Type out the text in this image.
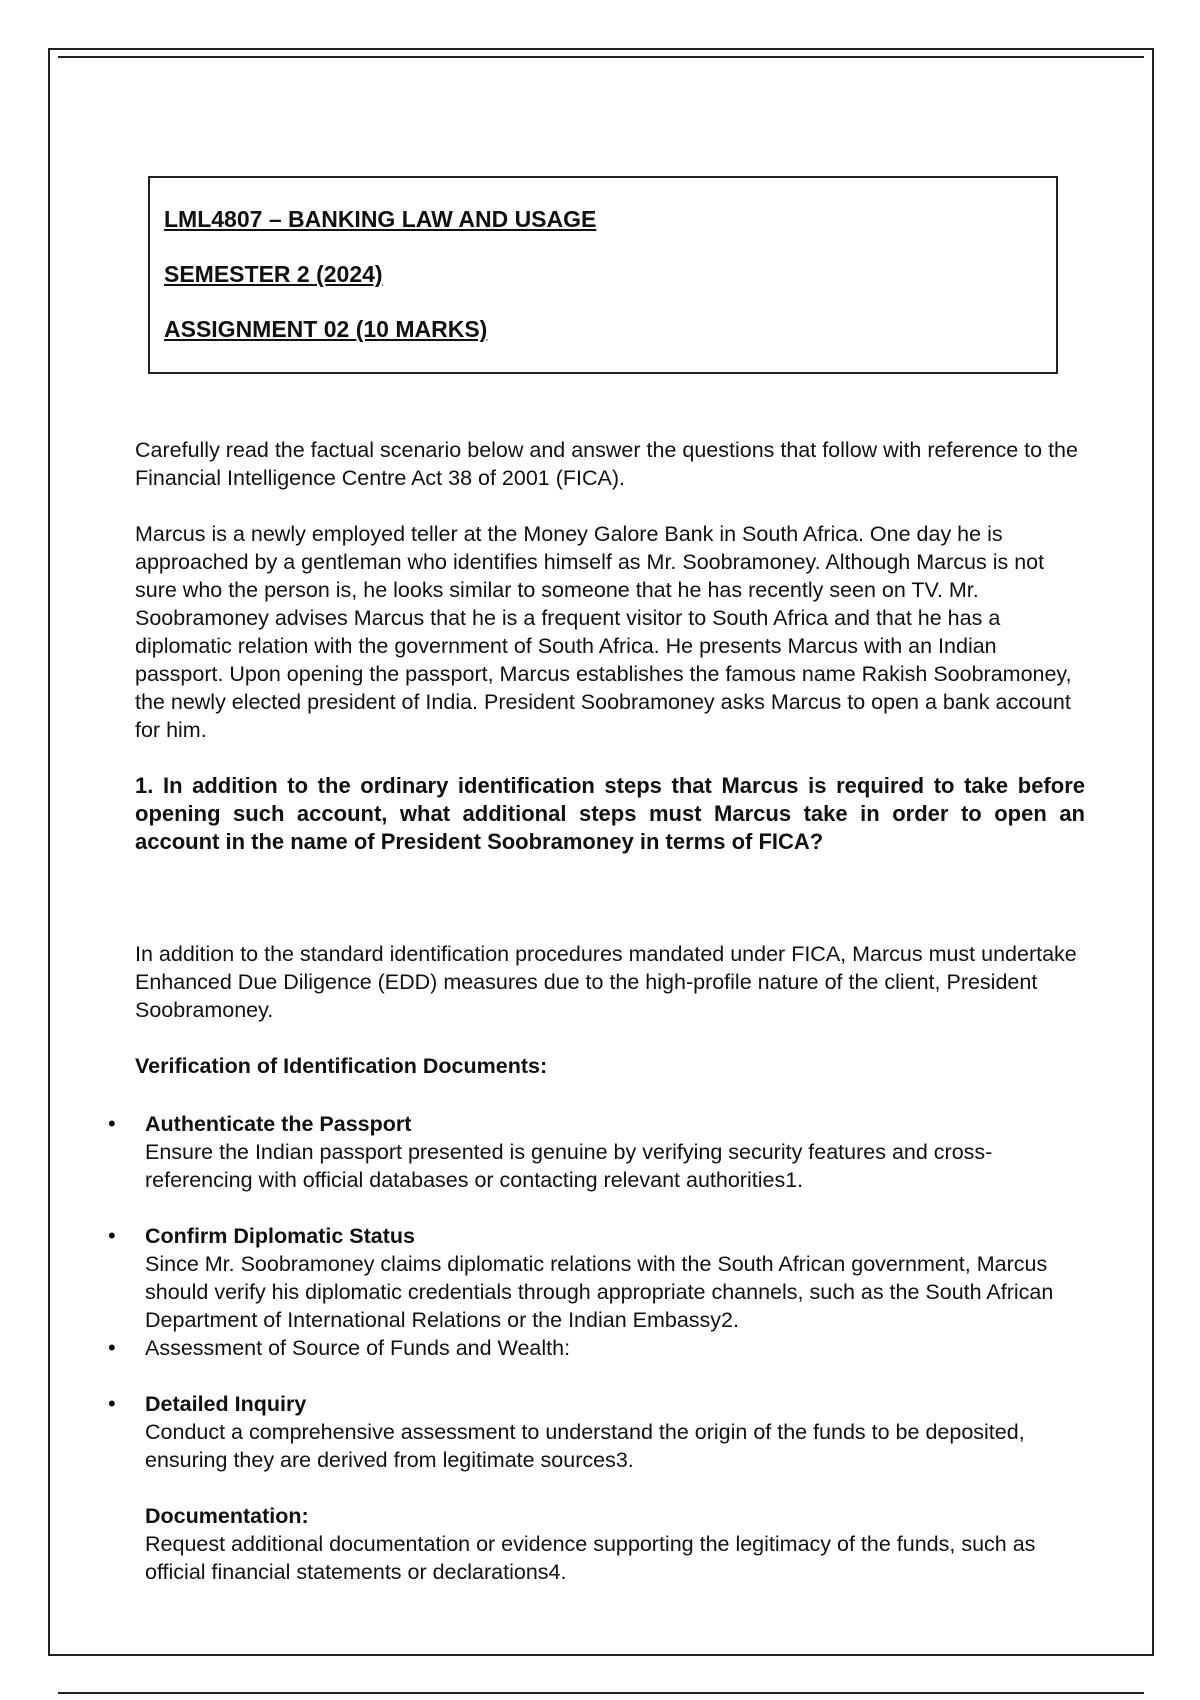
LML4807 – BANKING LAW AND USAGE

SEMESTER 2 (2024)

ASSIGNMENT 02 (10 MARKS)

Carefully read the factual scenario below and answer the questions that follow with reference to the Financial Intelligence Centre Act 38 of 2001 (FICA).

Marcus is a newly employed teller at the Money Galore Bank in South Africa. One day he is approached by a gentleman who identifies himself as Mr. Soobramoney. Although Marcus is not sure who the person is, he looks similar to someone that he has recently seen on TV. Mr. Soobramoney advises Marcus that he is a frequent visitor to South Africa and that he has a diplomatic relation with the government of South Africa. He presents Marcus with an Indian passport. Upon opening the passport, Marcus establishes the famous name Rakish Soobramoney, the newly elected president of India. President Soobramoney asks Marcus to open a bank account for him.

1. In addition to the ordinary identification steps that Marcus is required to take before opening such account, what additional steps must Marcus take in order to open an account in the name of President Soobramoney in terms of FICA?

In addition to the standard identification procedures mandated under FICA, Marcus must undertake Enhanced Due Diligence (EDD) measures due to the high-profile nature of the client, President Soobramoney.

Verification of Identification Documents:

• Authenticate the Passport

Ensure the Indian passport presented is genuine by verifying security features and cross-referencing with official databases or contacting relevant authorities1.

• Confirm Diplomatic Status

Since Mr. Soobramoney claims diplomatic relations with the South African government, Marcus should verify his diplomatic credentials through appropriate channels, such as the South African Department of International Relations or the Indian Embassy2.

• Assessment of Source of Funds and Wealth:

• Detailed Inquiry

Conduct a comprehensive assessment to understand the origin of the funds to be deposited, ensuring they are derived from legitimate sources3.

Documentation:

Request additional documentation or evidence supporting the legitimacy of the funds, such as official financial statements or declarations4.
